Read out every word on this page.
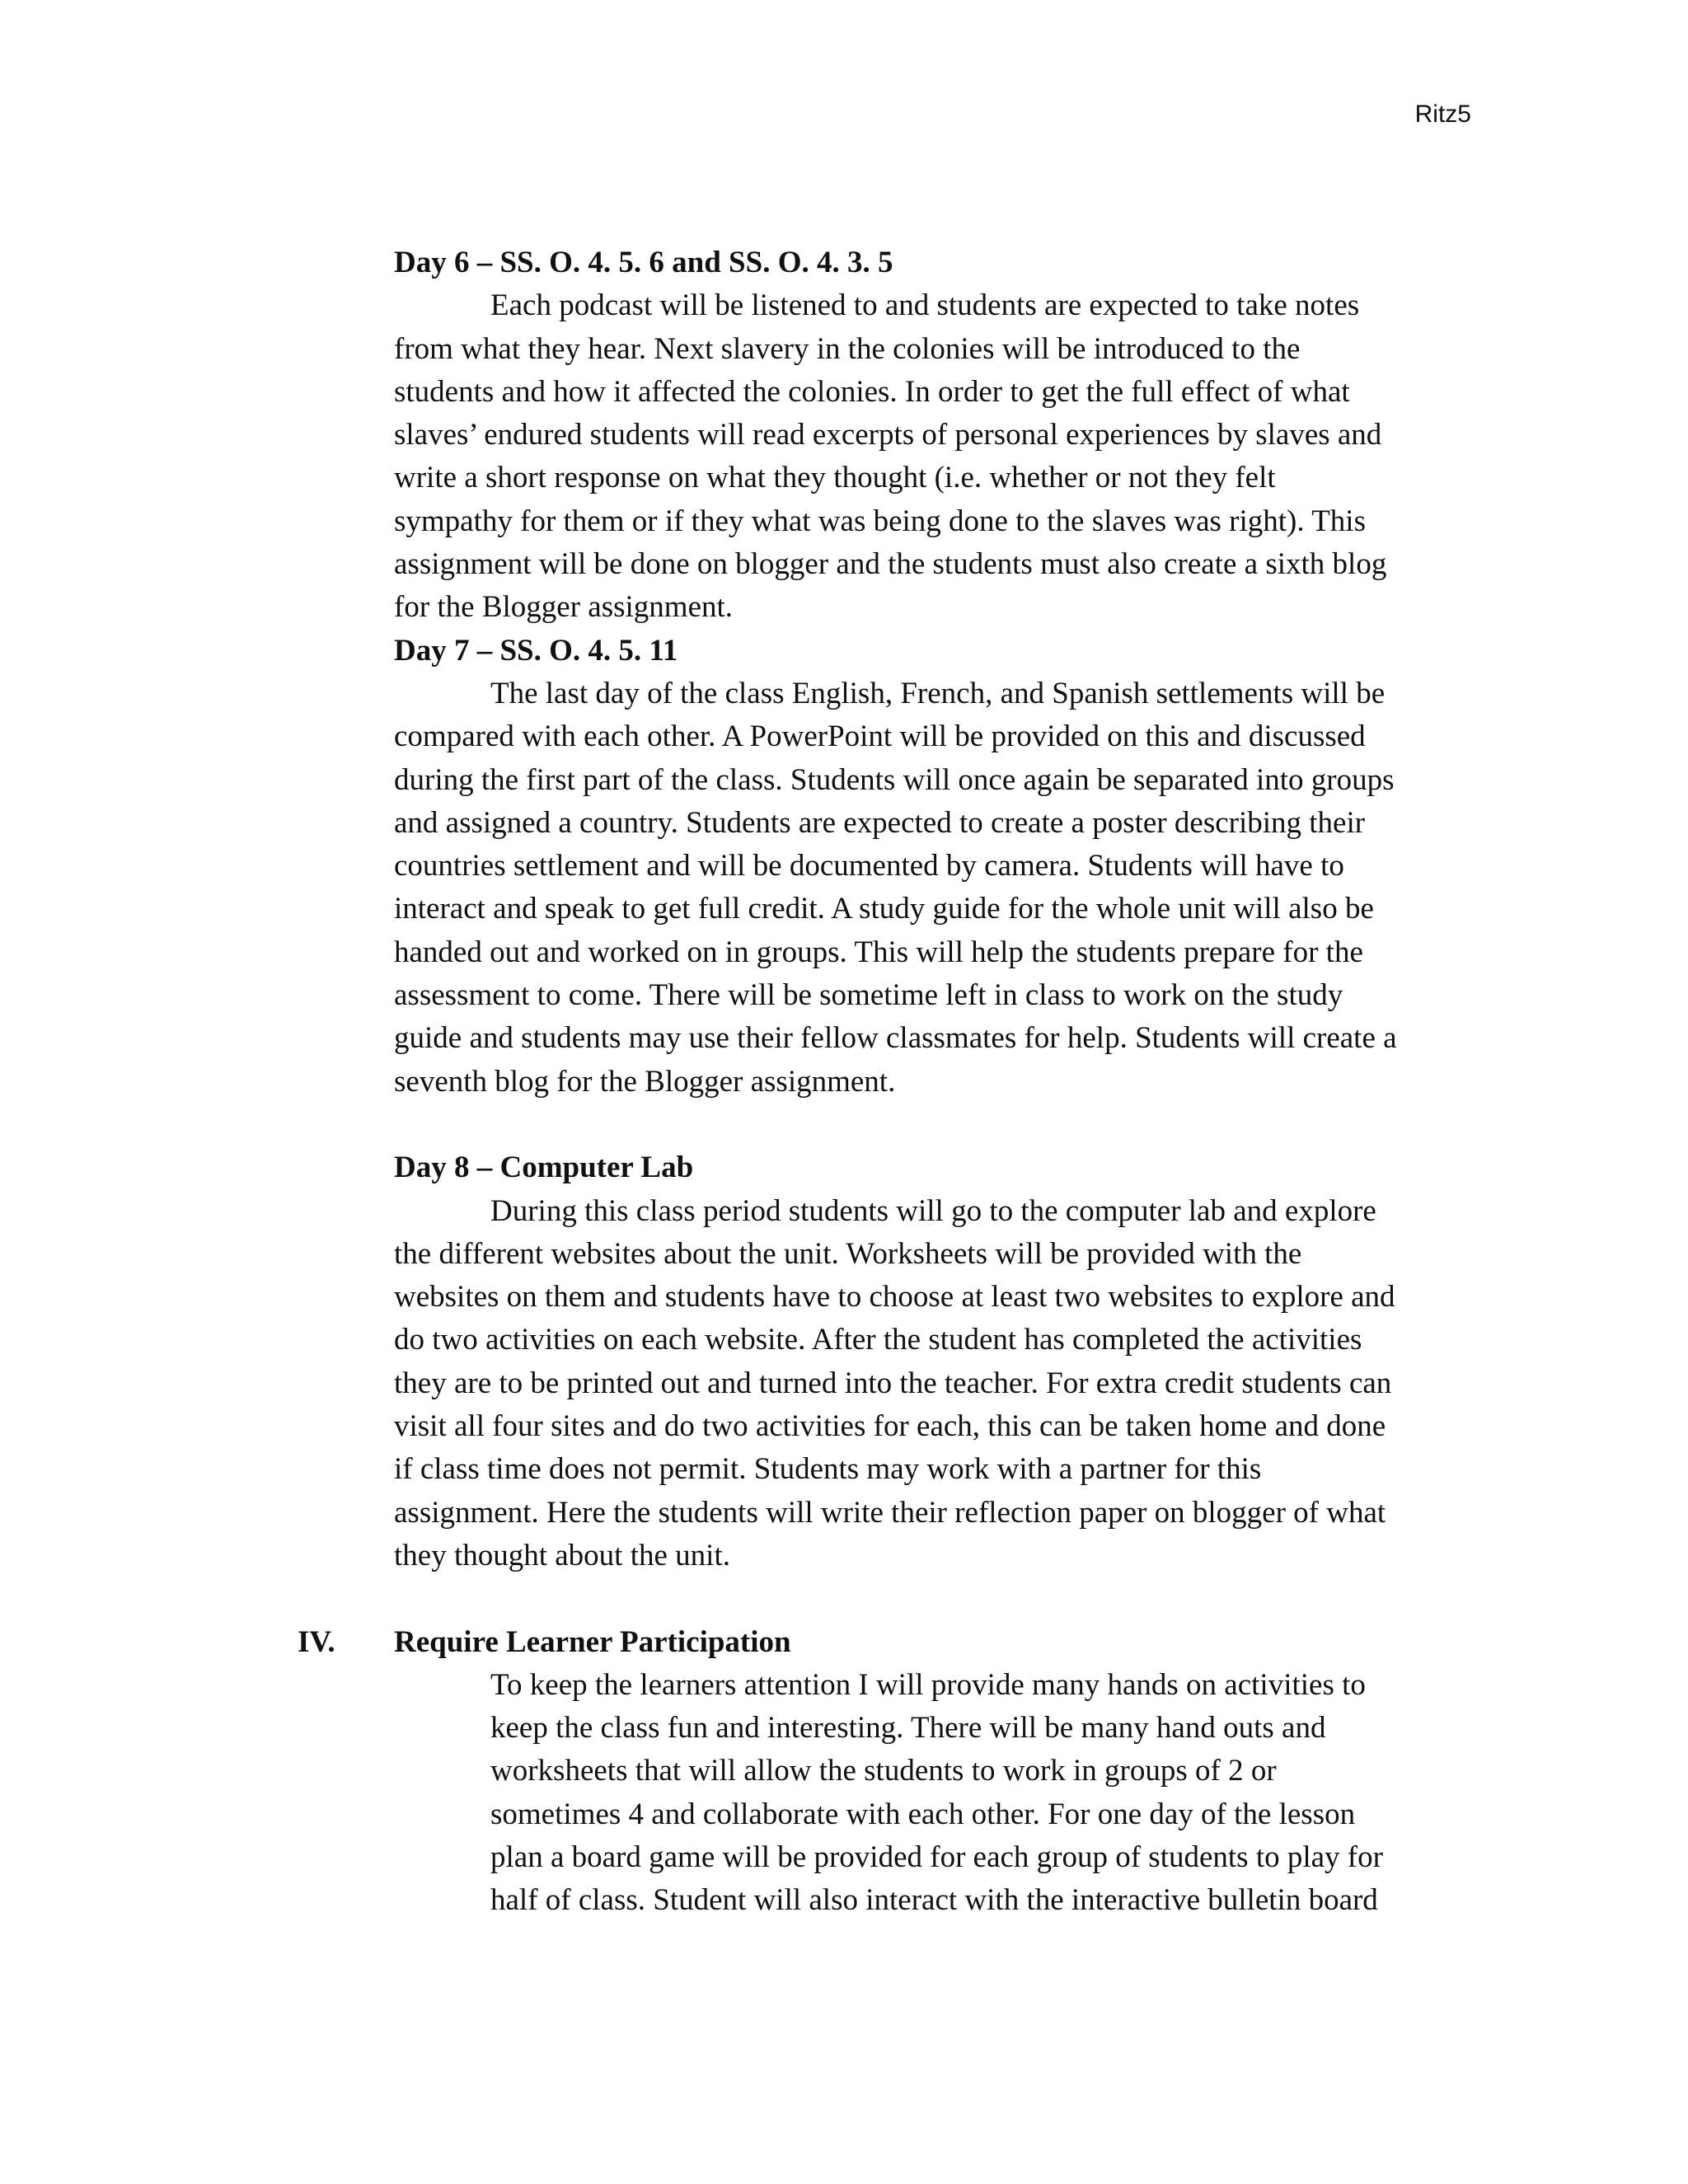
Ritz5
Day 6 – SS. O. 4. 5. 6 and SS. O. 4. 3. 5
Each podcast will be listened to and students are expected to take notes
from what they hear. Next slavery in the colonies will be introduced to the
students and how it affected the colonies. In order to get the full effect of what
slaves’ endured students will read excerpts of personal experiences by slaves and
write a short response on what they thought (i.e. whether or not they felt
sympathy for them or if they what was being done to the slaves was right). This
assignment will be done on blogger and the students must also create a sixth blog
for the Blogger assignment.
Day 7 – SS. O. 4. 5. 11
The last day of the class English, French, and Spanish settlements will be
compared with each other. A PowerPoint will be provided on this and discussed
during the first part of the class. Students will once again be separated into groups
and assigned a country. Students are expected to create a poster describing their
countries settlement and will be documented by camera. Students will have to
interact and speak to get full credit. A study guide for the whole unit will also be
handed out and worked on in groups. This will help the students prepare for the
assessment to come. There will be sometime left in class to work on the study
guide and students may use their fellow classmates for help. Students will create a
seventh blog for the Blogger assignment.
Day 8 – Computer Lab
During this class period students will go to the computer lab and explore
the different websites about the unit. Worksheets will be provided with the
websites on them and students have to choose at least two websites to explore and
do two activities on each website. After the student has completed the activities
they are to be printed out and turned into the teacher. For extra credit students can
visit all four sites and do two activities for each, this can be taken home and done
if class time does not permit. Students may work with a partner for this
assignment. Here the students will write their reflection paper on blogger of what
they thought about the unit.
IV. Require Learner Participation
To keep the learners attention I will provide many hands on activities to
keep the class fun and interesting. There will be many hand outs and
worksheets that will allow the students to work in groups of 2 or
sometimes 4 and collaborate with each other. For one day of the lesson
plan a board game will be provided for each group of students to play for
half of class. Student will also interact with the interactive bulletin board
